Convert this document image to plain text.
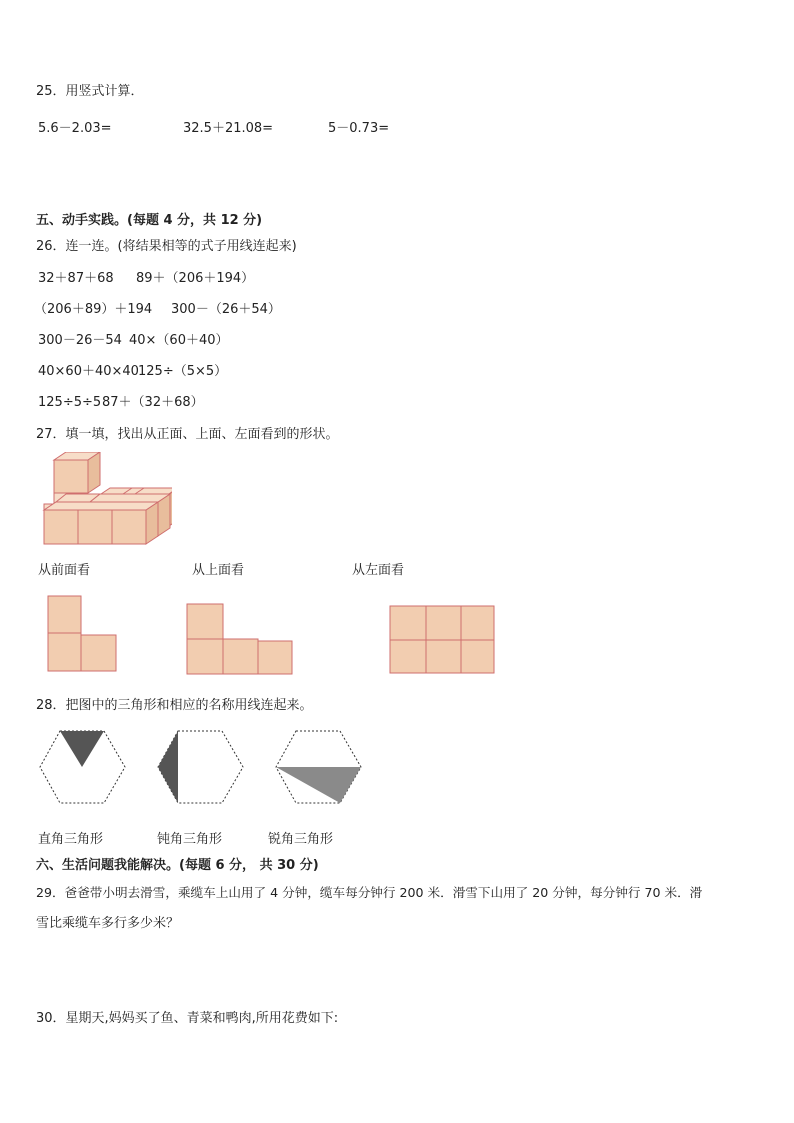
25．用竖式计算．
5.6－2.03=	32.5＋21.08=	5－0.73=
五、动手实践。(每题 4 分，共 12 分)
26．连一连。(将结果相等的式子用线连起来)
32＋87＋68 89＋（206＋194）
（206＋89）＋194 300－（26＋54）
300－26－54 40×（60＋40）
40×60＋40×40 125÷（5×5）
125÷5÷5 87＋（32＋68）
27．填一填，找出从正面、上面、左面看到的形状。
从前面看	从上面看	从左面看
28．把图中的三角形和相应的名称用线连起来。
直角三角形	钝角三角形	锐角三角形
六、生活问题我能解决。(每题 6 分， 共 30 分)
29．爸爸带小明去滑雪，乘缆车上山用了 4 分钟，缆车每分钟行 200 米．滑雪下山用了 20 分钟，每分钟行 70 米．滑
雪比乘缆车多行多少米？
30．星期天,妈妈买了鱼、青菜和鸭肉,所用花费如下:
